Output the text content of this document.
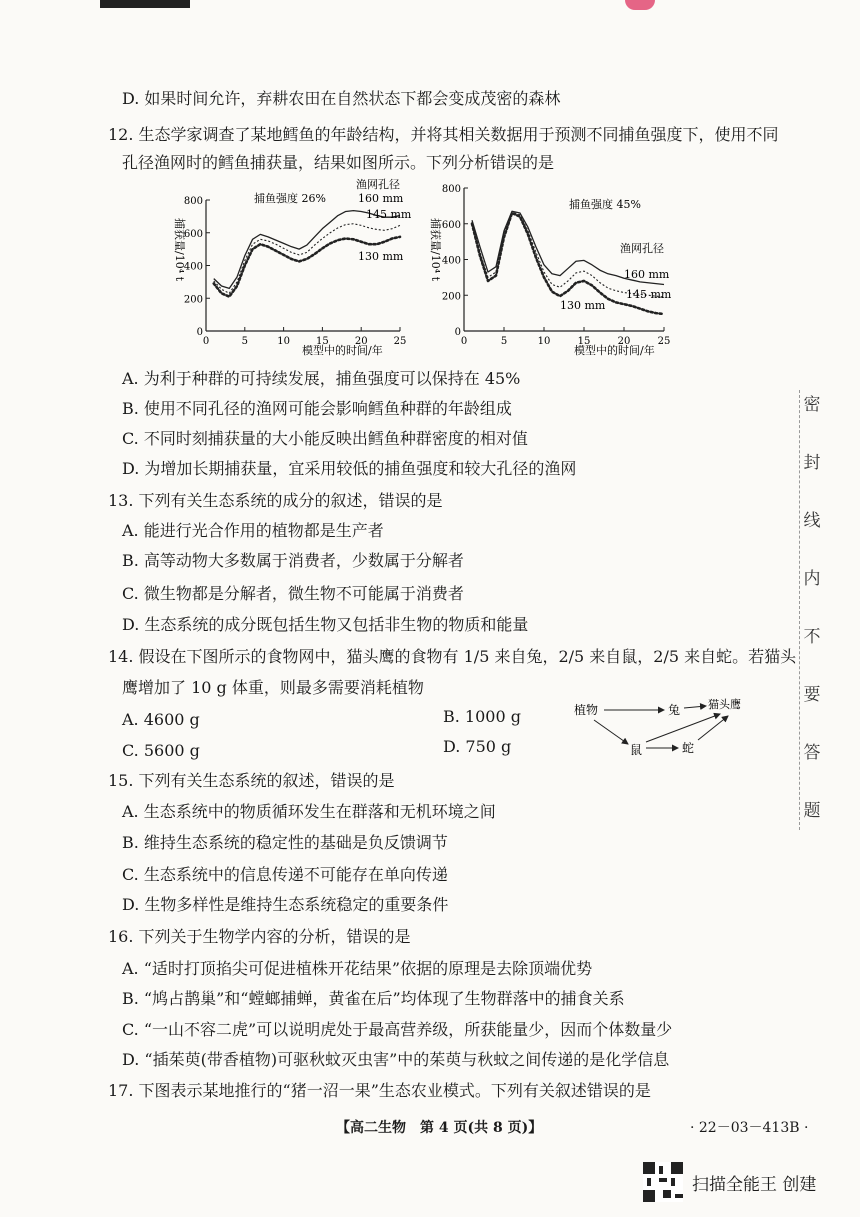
D. 如果时间允许，弃耕农田在自然状态下都会变成茂密的森林
12. 生态学家调查了某地鳕鱼的年龄结构，并将其相关数据用于预测不同捕鱼强度下，使用不同
孔径渔网时的鳕鱼捕获量，结果如图所示。下列分析错误的是
0
200
400
600
800
0	5	10	15	20	25
捕鱼强度 26%
渔网孔径
160 mm
145 mm
130 mm
模型中的时间/年
捕获量/10⁴ t
0
200
400
600
800
0	5	10	15	20	25
捕鱼强度 45%
渔网孔径
160 mm
145 mm
130 mm
模型中的时间/年
捕获量/10⁴ t
A. 为利于种群的可持续发展，捕鱼强度可以保持在 45%
B. 使用不同孔径的渔网可能会影响鳕鱼种群的年龄组成
C. 不同时刻捕获量的大小能反映出鳕鱼种群密度的相对值
D. 为增加长期捕获量，宜采用较低的捕鱼强度和较大孔径的渔网
13. 下列有关生态系统的成分的叙述，错误的是
A. 能进行光合作用的植物都是生产者
B. 高等动物大多数属于消费者，少数属于分解者
C. 微生物都是分解者，微生物不可能属于消费者
D. 生态系统的成分既包括生物又包括非生物的物质和能量
14. 假设在下图所示的食物网中，猫头鹰的食物有 1/5 来自兔，2/5 来自鼠，2/5 来自蛇。若猫头
鹰增加了 10 g 体重，则最多需要消耗植物
A. 4600 g	B. 1000 g
C. 5600 g	D. 750 g
植物	兔	猫头鹰
鼠	蛇
15. 下列有关生态系统的叙述，错误的是
A. 生态系统中的物质循环发生在群落和无机环境之间
B. 维持生态系统的稳定性的基础是负反馈调节
C. 生态系统中的信息传递不可能存在单向传递
D. 生物多样性是维持生态系统稳定的重要条件
16. 下列关于生物学内容的分析，错误的是
A. “适时打顶掐尖可促进植株开花结果”依据的原理是去除顶端优势
B. “鸠占鹊巢”和“螳螂捕蝉，黄雀在后”均体现了生物群落中的捕食关系
C. “一山不容二虎”可以说明虎处于最高营养级，所获能量少，因而个体数量少
D. “插茱萸(带香植物)可驱秋蚊灭虫害”中的茱萸与秋蚊之间传递的是化学信息
17. 下图表示某地推行的“猪一沼一果”生态农业模式。下列有关叙述错误的是
密
封
线
内
不
要
答
题
【高二生物　第 4 页(共 8 页)】	· 22－03－413B ·
扫描全能王 创建
